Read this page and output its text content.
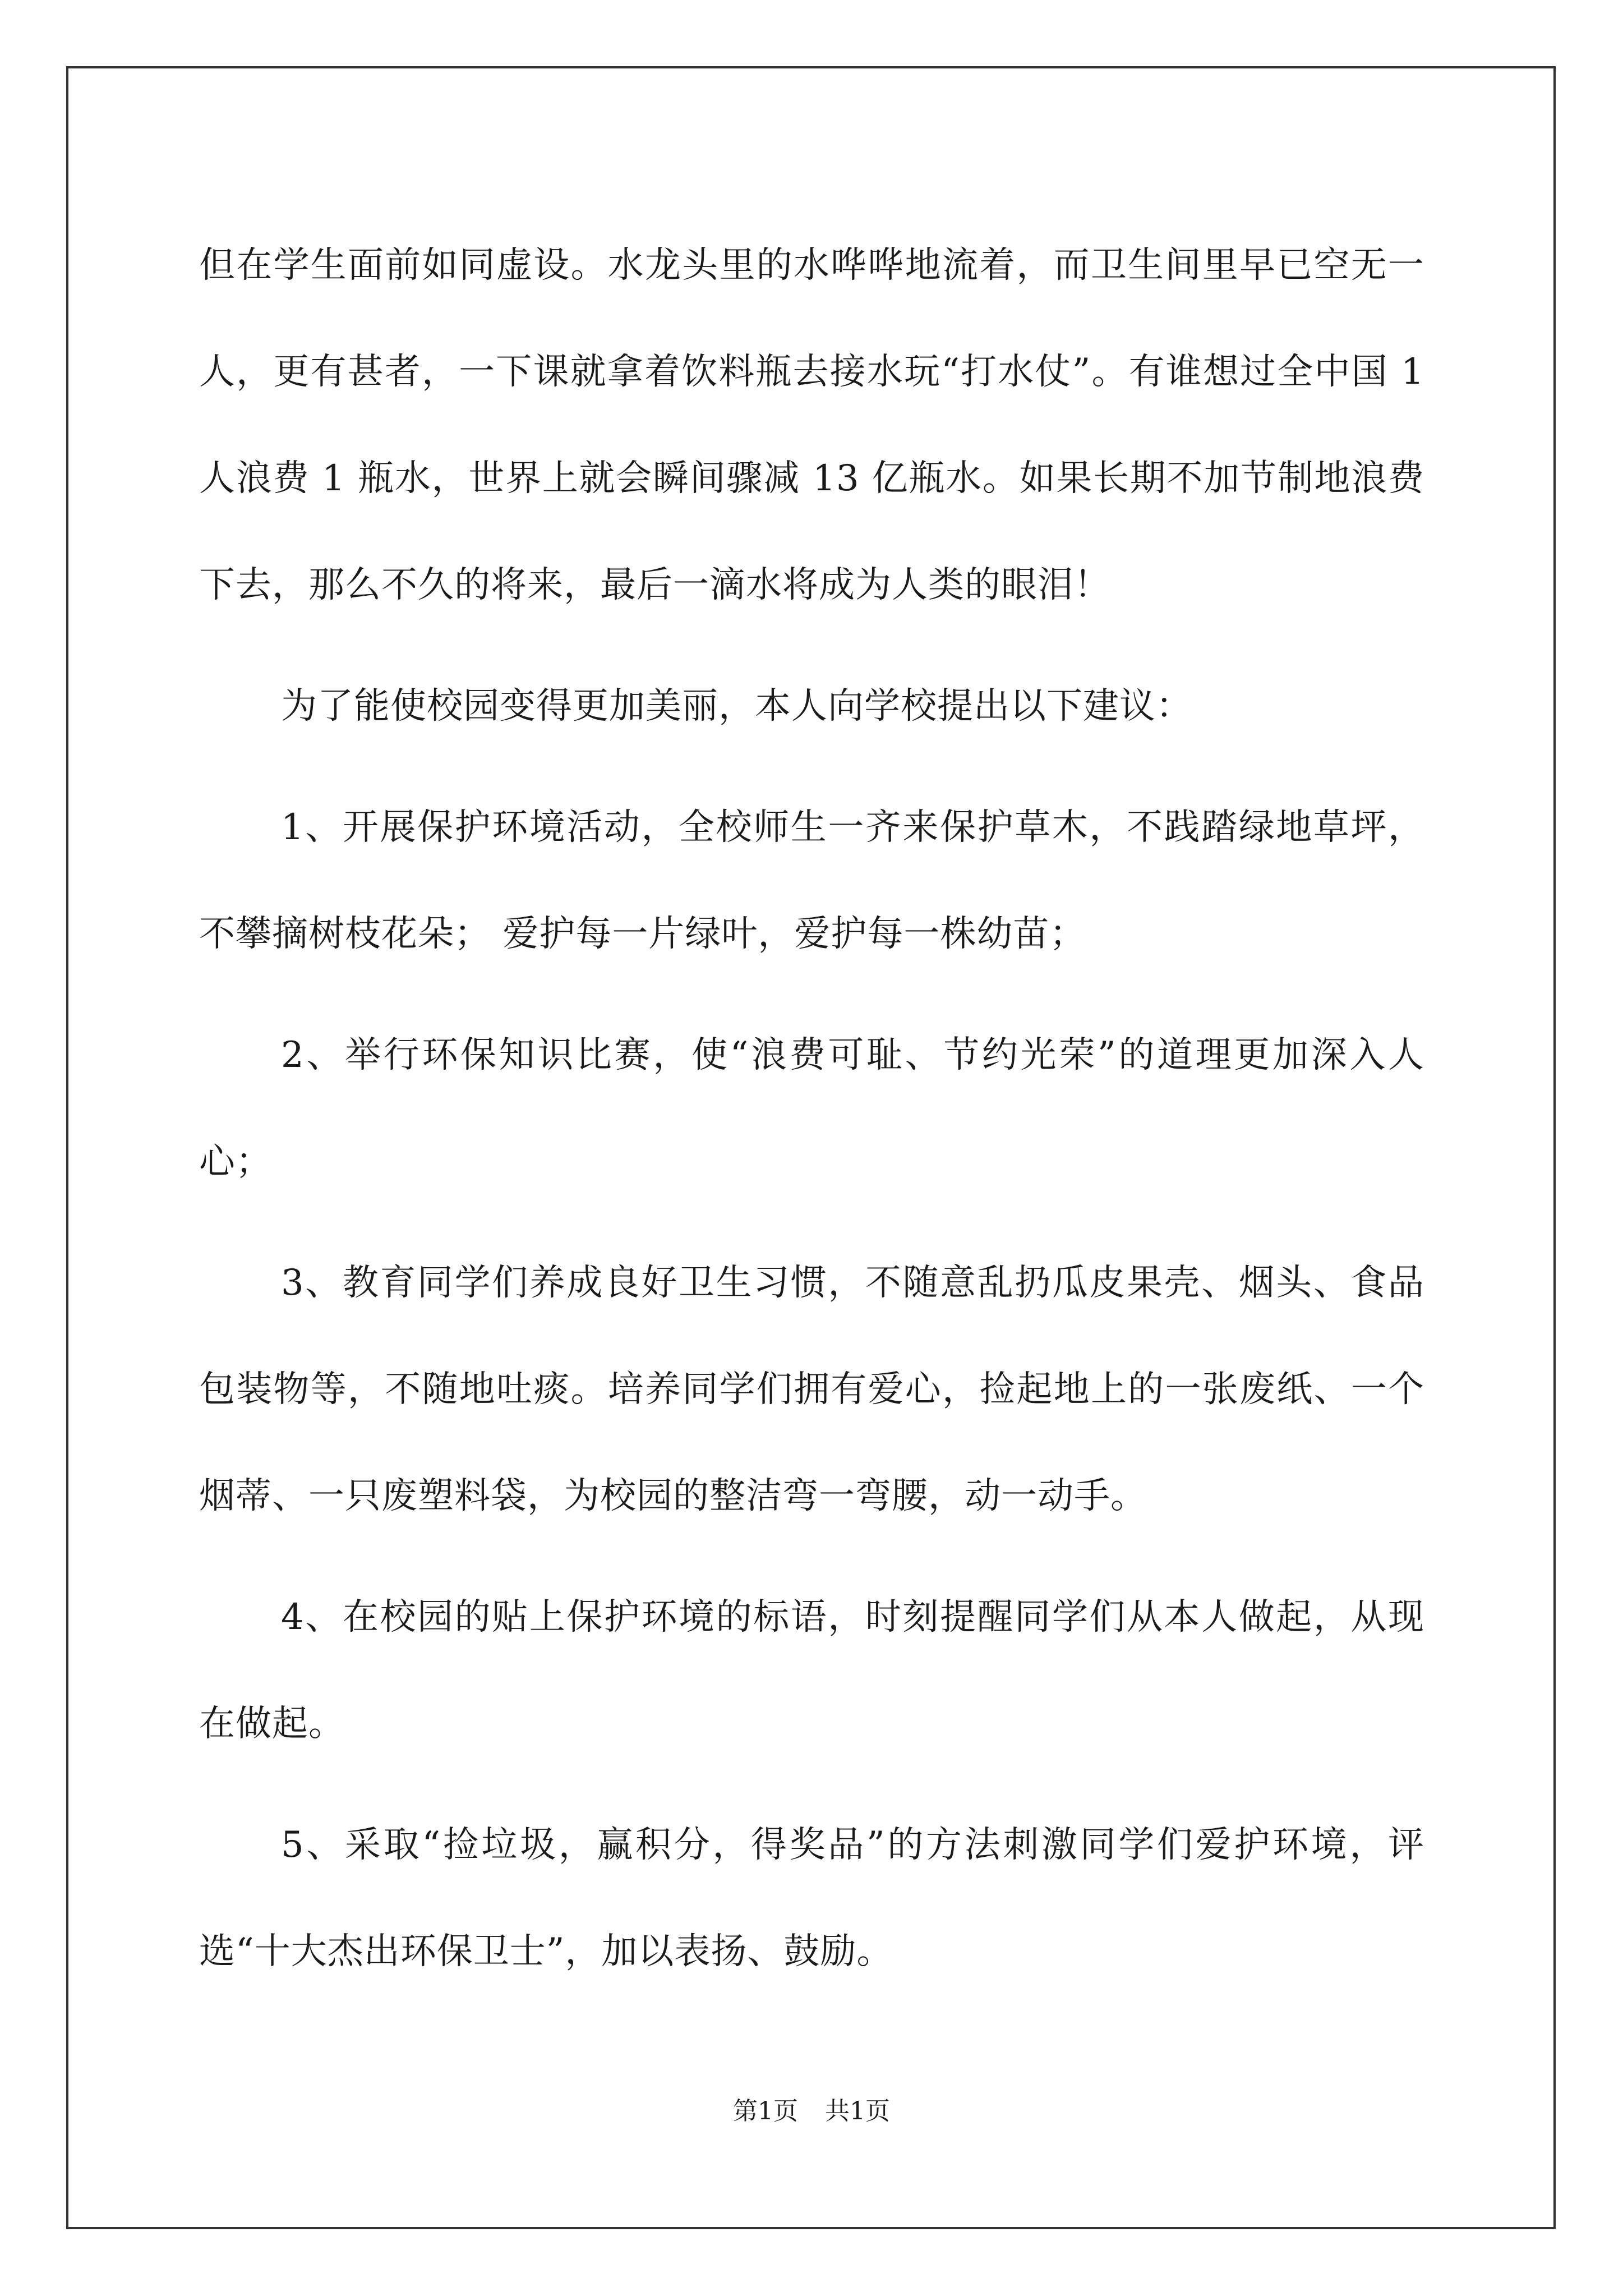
但在学生面前如同虚设。水龙头里的水哗哗地流着，而卫生间里早已空无一人，更有甚者，一下课就拿着饮料瓶去接水玩“打水仗”。有谁想过全中国 1 人浪费 1 瓶水，世界上就会瞬间骤减 13 亿瓶水。如果长期不加节制地浪费下去，那么不久的将来，最后一滴水将成为人类的眼泪！

为了能使校园变得更加美丽，本人向学校提出以下建议：

1、开展保护环境活动，全校师生一齐来保护草木，不践踏绿地草坪，不攀摘树枝花朵； 爱护每一片绿叶，爱护每一株幼苗；

2、举行环保知识比赛，使“浪费可耻、节约光荣”的道理更加深入人心；

3、教育同学们养成良好卫生习惯，不随意乱扔瓜皮果壳、烟头、食品包装物等，不随地吐痰。培养同学们拥有爱心，捡起地上的一张废纸、一个烟蒂、一只废塑料袋，为校园的整洁弯一弯腰，动一动手。

4、在校园的贴上保护环境的标语，时刻提醒同学们从本人做起，从现在做起。

5、采取“捡垃圾，赢积分，得奖品”的方法刺激同学们爱护环境，评选“十大杰出环保卫士”，加以表扬、鼓励。

第1页 共1页
